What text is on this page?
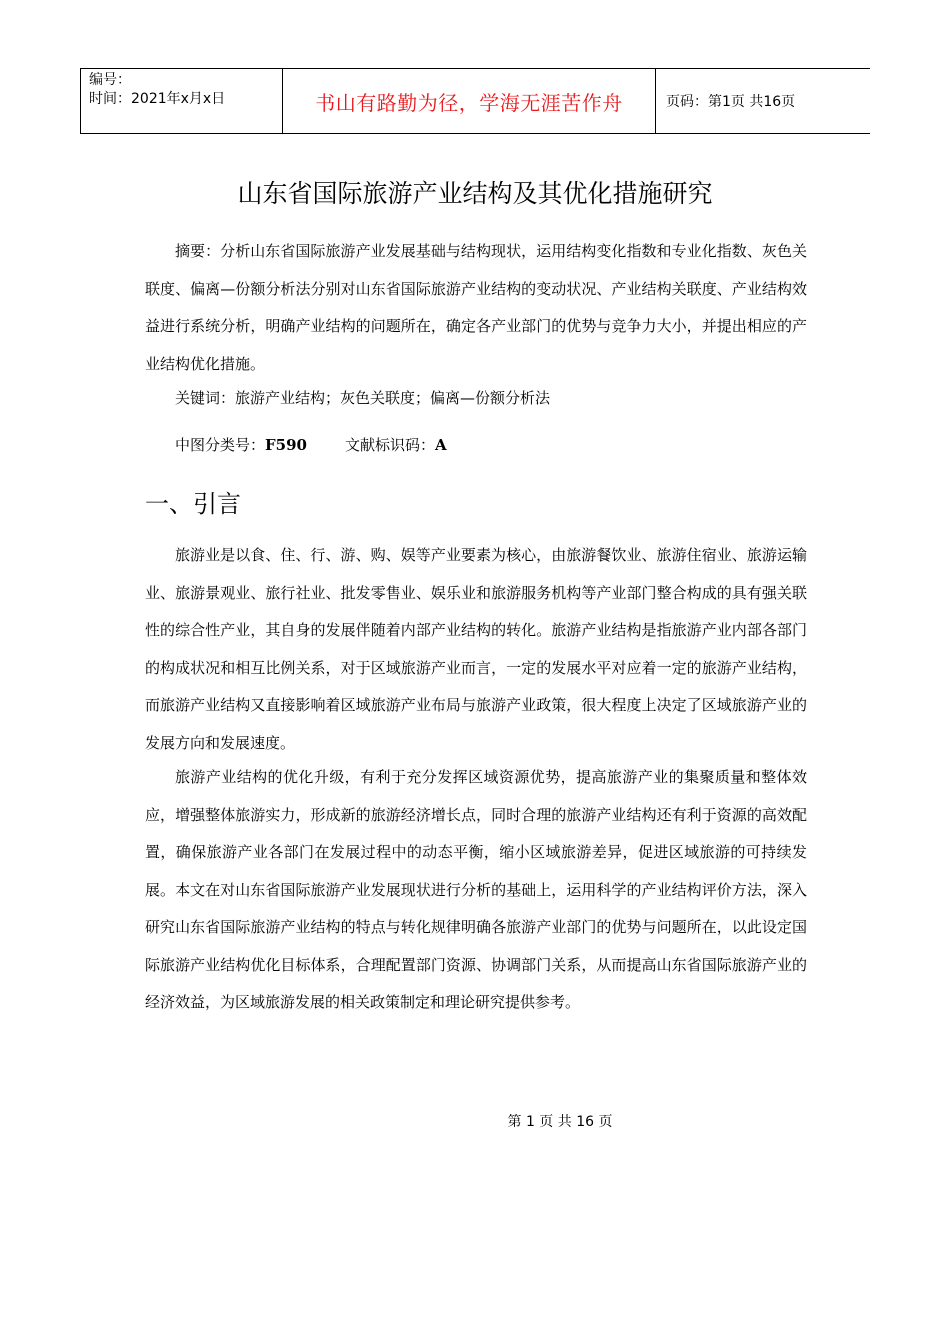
编号：
时间：2021年x月x日	书山有路勤为径，学海无涯苦作舟	页码：第1页 共16页
山东省国际旅游产业结构及其优化措施研究

摘要：分析山东省国际旅游产业发展基础与结构现状，运用结构变化指数和专业化指数、灰色关联度、偏离—份额分析法分别对山东省国际旅游产业结构的变动状况、产业结构关联度、产业结构效益进行系统分析，明确产业结构的问题所在，确定各产业部门的优势与竞争力大小，并提出相应的产业结构优化措施。

关键词：旅游产业结构；灰色关联度；偏离—份额分析法
中图分类号：F590	文献标识码：A
一、引言

旅游业是以食、住、行、游、购、娱等产业要素为核心，由旅游餐饮业、旅游住宿业、旅游运输业、旅游景观业、旅行社业、批发零售业、娱乐业和旅游服务机构等产业部门整合构成的具有强关联性的综合性产业，其自身的发展伴随着内部产业结构的转化。旅游产业结构是指旅游产业内部各部门的构成状况和相互比例关系，对于区域旅游产业而言，一定的发展水平对应着一定的旅游产业结构，而旅游产业结构又直接影响着区域旅游产业布局与旅游产业政策，很大程度上决定了区域旅游产业的发展方向和发展速度。

旅游产业结构的优化升级，有利于充分发挥区域资源优势，提高旅游产业的集聚质量和整体效应，增强整体旅游实力，形成新的旅游经济增长点，同时合理的旅游产业结构还有利于资源的高效配置，确保旅游产业各部门在发展过程中的动态平衡，缩小区域旅游差异，促进区域旅游的可持续发展。本文在对山东省国际旅游产业发展现状进行分析的基础上，运用科学的产业结构评价方法，深入研究山东省国际旅游产业结构的特点与转化规律明确各旅游产业部门的优势与问题所在，以此设定国际旅游产业结构优化目标体系，合理配置部门资源、协调部门关系，从而提高山东省国际旅游产业的经济效益，为区域旅游发展的相关政策制定和理论研究提供参考。

第 1 页 共 16 页
